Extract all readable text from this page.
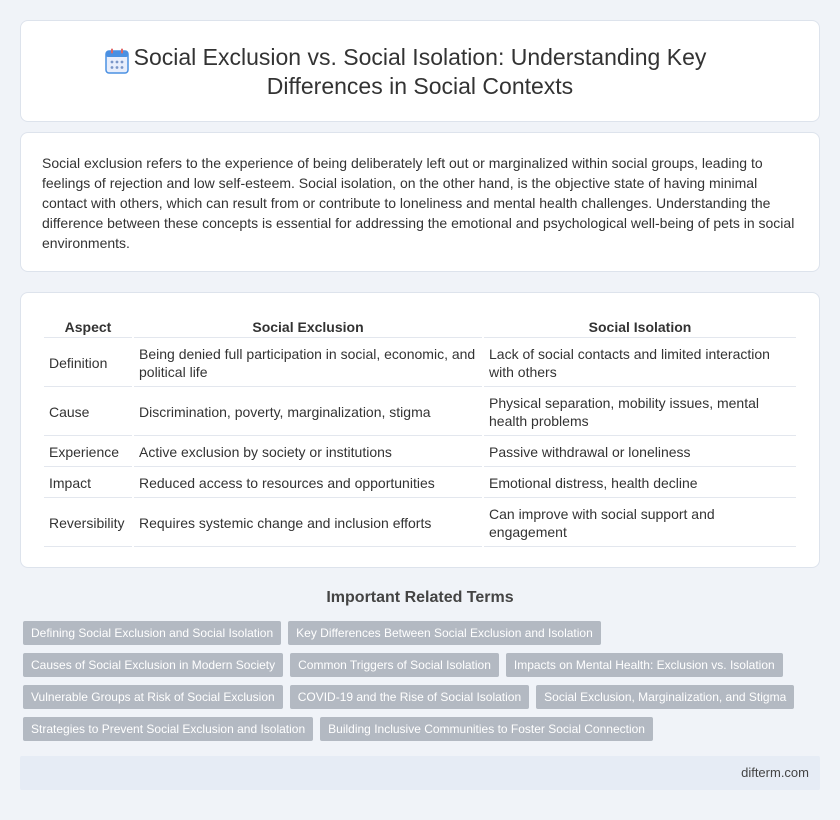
Social Exclusion vs. Social Isolation: Understanding Key Differences in Social Contexts

Social exclusion refers to the experience of being deliberately left out or marginalized within social groups, leading to feelings of rejection and low self-esteem. Social isolation, on the other hand, is the objective state of having minimal contact with others, which can result from or contribute to loneliness and mental health challenges. Understanding the difference between these concepts is essential for addressing the emotional and psychological well-being of pets in social environments.

Aspect	Social Exclusion	Social Isolation
Definition	Being denied full participation in social, economic, and political life	Lack of social contacts and limited interaction with others
Cause	Discrimination, poverty, marginalization, stigma	Physical separation, mobility issues, mental health problems
Experience	Active exclusion by society or institutions	Passive withdrawal or loneliness
Impact	Reduced access to resources and opportunities	Emotional distress, health decline
Reversibility	Requires systemic change and inclusion efforts	Can improve with social support and engagement
Important Related Terms
Defining Social Exclusion and Social Isolation	Key Differences Between Social Exclusion and Isolation
Causes of Social Exclusion in Modern Society	Common Triggers of Social Isolation	Impacts on Mental Health: Exclusion vs. Isolation
Vulnerable Groups at Risk of Social Exclusion	COVID-19 and the Rise of Social Isolation	Social Exclusion, Marginalization, and Stigma
Strategies to Prevent Social Exclusion and Isolation	Building Inclusive Communities to Foster Social Connection
difterm.com
